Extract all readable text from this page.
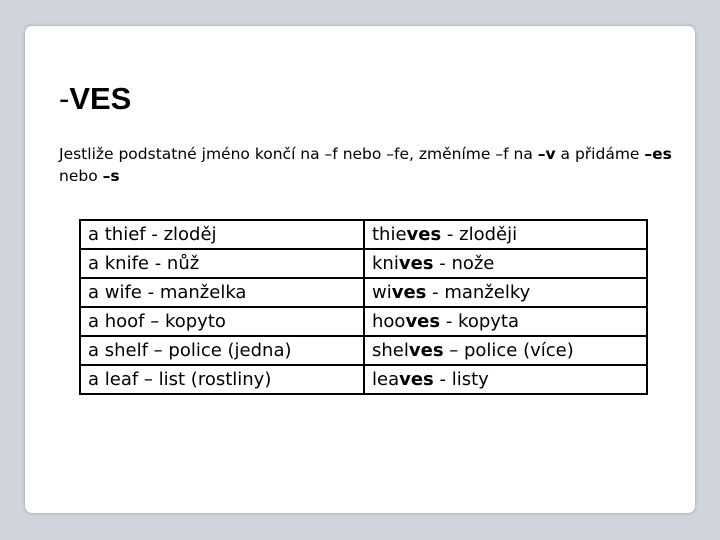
-VES
Jestliže podstatné jméno končí na –f nebo –fe, změníme –f na –v a přidáme –es nebo –s
a thief - zloděj	thieves - zloději
a knife - nůž	knives - nože
a wife - manželka	wives - manželky
a hoof – kopyto	hooves - kopyta
a shelf – police (jedna)	shelves – police (více)
a leaf – list (rostliny)	leaves - listy
